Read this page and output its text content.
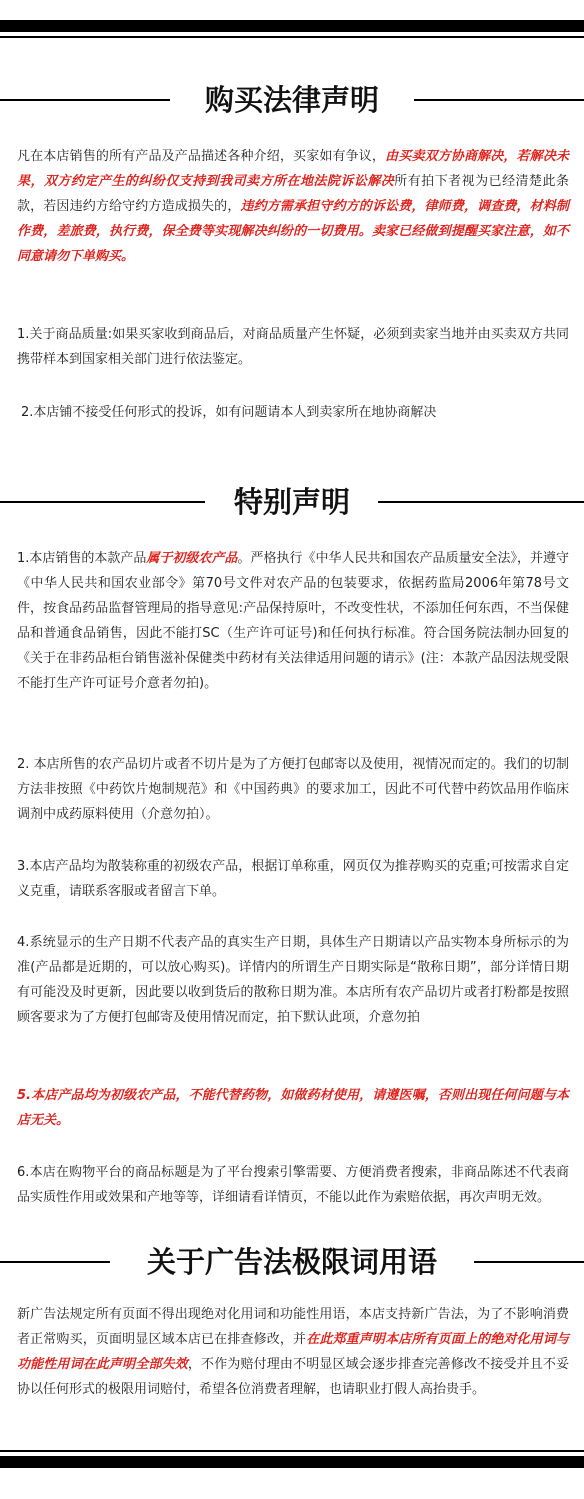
购买法律声明
凡在本店销售的所有产品及产品描述各种介绍，买家如有争议，由买卖双方协商解决，若解决未果，双方约定产生的纠纷仅支持到我司卖方所在地法院诉讼解决所有拍下者视为已经清楚此条款，若因违约方给守约方造成损失的，违约方需承担守约方的诉讼费，律师费，调查费，材料制作费，差旅费，执行费，保全费等实现解决纠纷的一切费用。卖家已经做到提醒买家注意，如不同意请勿下单购买。
1.关于商品质量:如果买家收到商品后，对商品质量产生怀疑，必须到卖家当地并由买卖双方共同携带样本到国家相关部门进行依法鉴定。
2.本店铺不接受任何形式的投诉，如有问题请本人到卖家所在地协商解决
特别声明
1.本店销售的本款产品属于初级农产品。严格执行《中华人民共和国农产品质量安全法》，并遵守《中华人民共和国农业部令》第70号文件对农产品的包装要求，依据药监局2006年第78号文件，按食品药品监督管理局的指导意见:产品保持原叶，不改变性状，不添加任何东西，不当保健品和普通食品销售，因此不能打SC（生产许可证号)和任何执行标准。符合国务院法制办回复的《关于在非药品柜台销售滋补保健类中药材有关法律适用问题的请示》(注：本款产品因法规受限不能打生产许可证号介意者勿拍)。
2. 本店所售的农产品切片或者不切片是为了方便打包邮寄以及使用，视情况而定的。我们的切制方法非按照《中药饮片炮制规范》和《中国药典》的要求加工，因此不可代替中药饮品用作临床调剂中成药原料使用（介意勿拍）。
3.本店产品均为散装称重的初级农产品，根据订单称重，网页仅为推荐购买的克重;可按需求自定义克重，请联系客服或者留言下单。
4.系统显示的生产日期不代表产品的真实生产日期，具体生产日期请以产品实物本身所标示的为准(产品都是近期的，可以放心购买)。详情内的所谓生产日期实际是“散称日期”，部分详情日期有可能没及时更新，因此要以收到货后的散称日期为准。本店所有农产品切片或者打粉都是按照顾客要求为了方便打包邮寄及使用情况而定，拍下默认此项，介意勿拍
5.本店产品均为初级农产品，不能代替药物，如做药材使用，请遵医嘱，否则出现任何问题与本店无关。
6.本店在购物平台的商品标题是为了平台搜索引擎需要、方便消费者搜索，非商品陈述不代表商品实质性作用或效果和产地等等，详细请看详情页，不能以此作为索赔依据，再次声明无效。
关于广告法极限词用语
新广告法规定所有页面不得出现绝对化用词和功能性用语，本店支持新广告法，为了不影响消费者正常购买，页面明显区域本店已在排查修改，并在此郑重声明本店所有页面上的绝对化用词与功能性用词在此声明全部失效，不作为赔付理由不明显区域会逐步排查完善修改不接受并且不妥协以任何形式的极限用词赔付，希望各位消费者理解，也请职业打假人高抬贵手。
